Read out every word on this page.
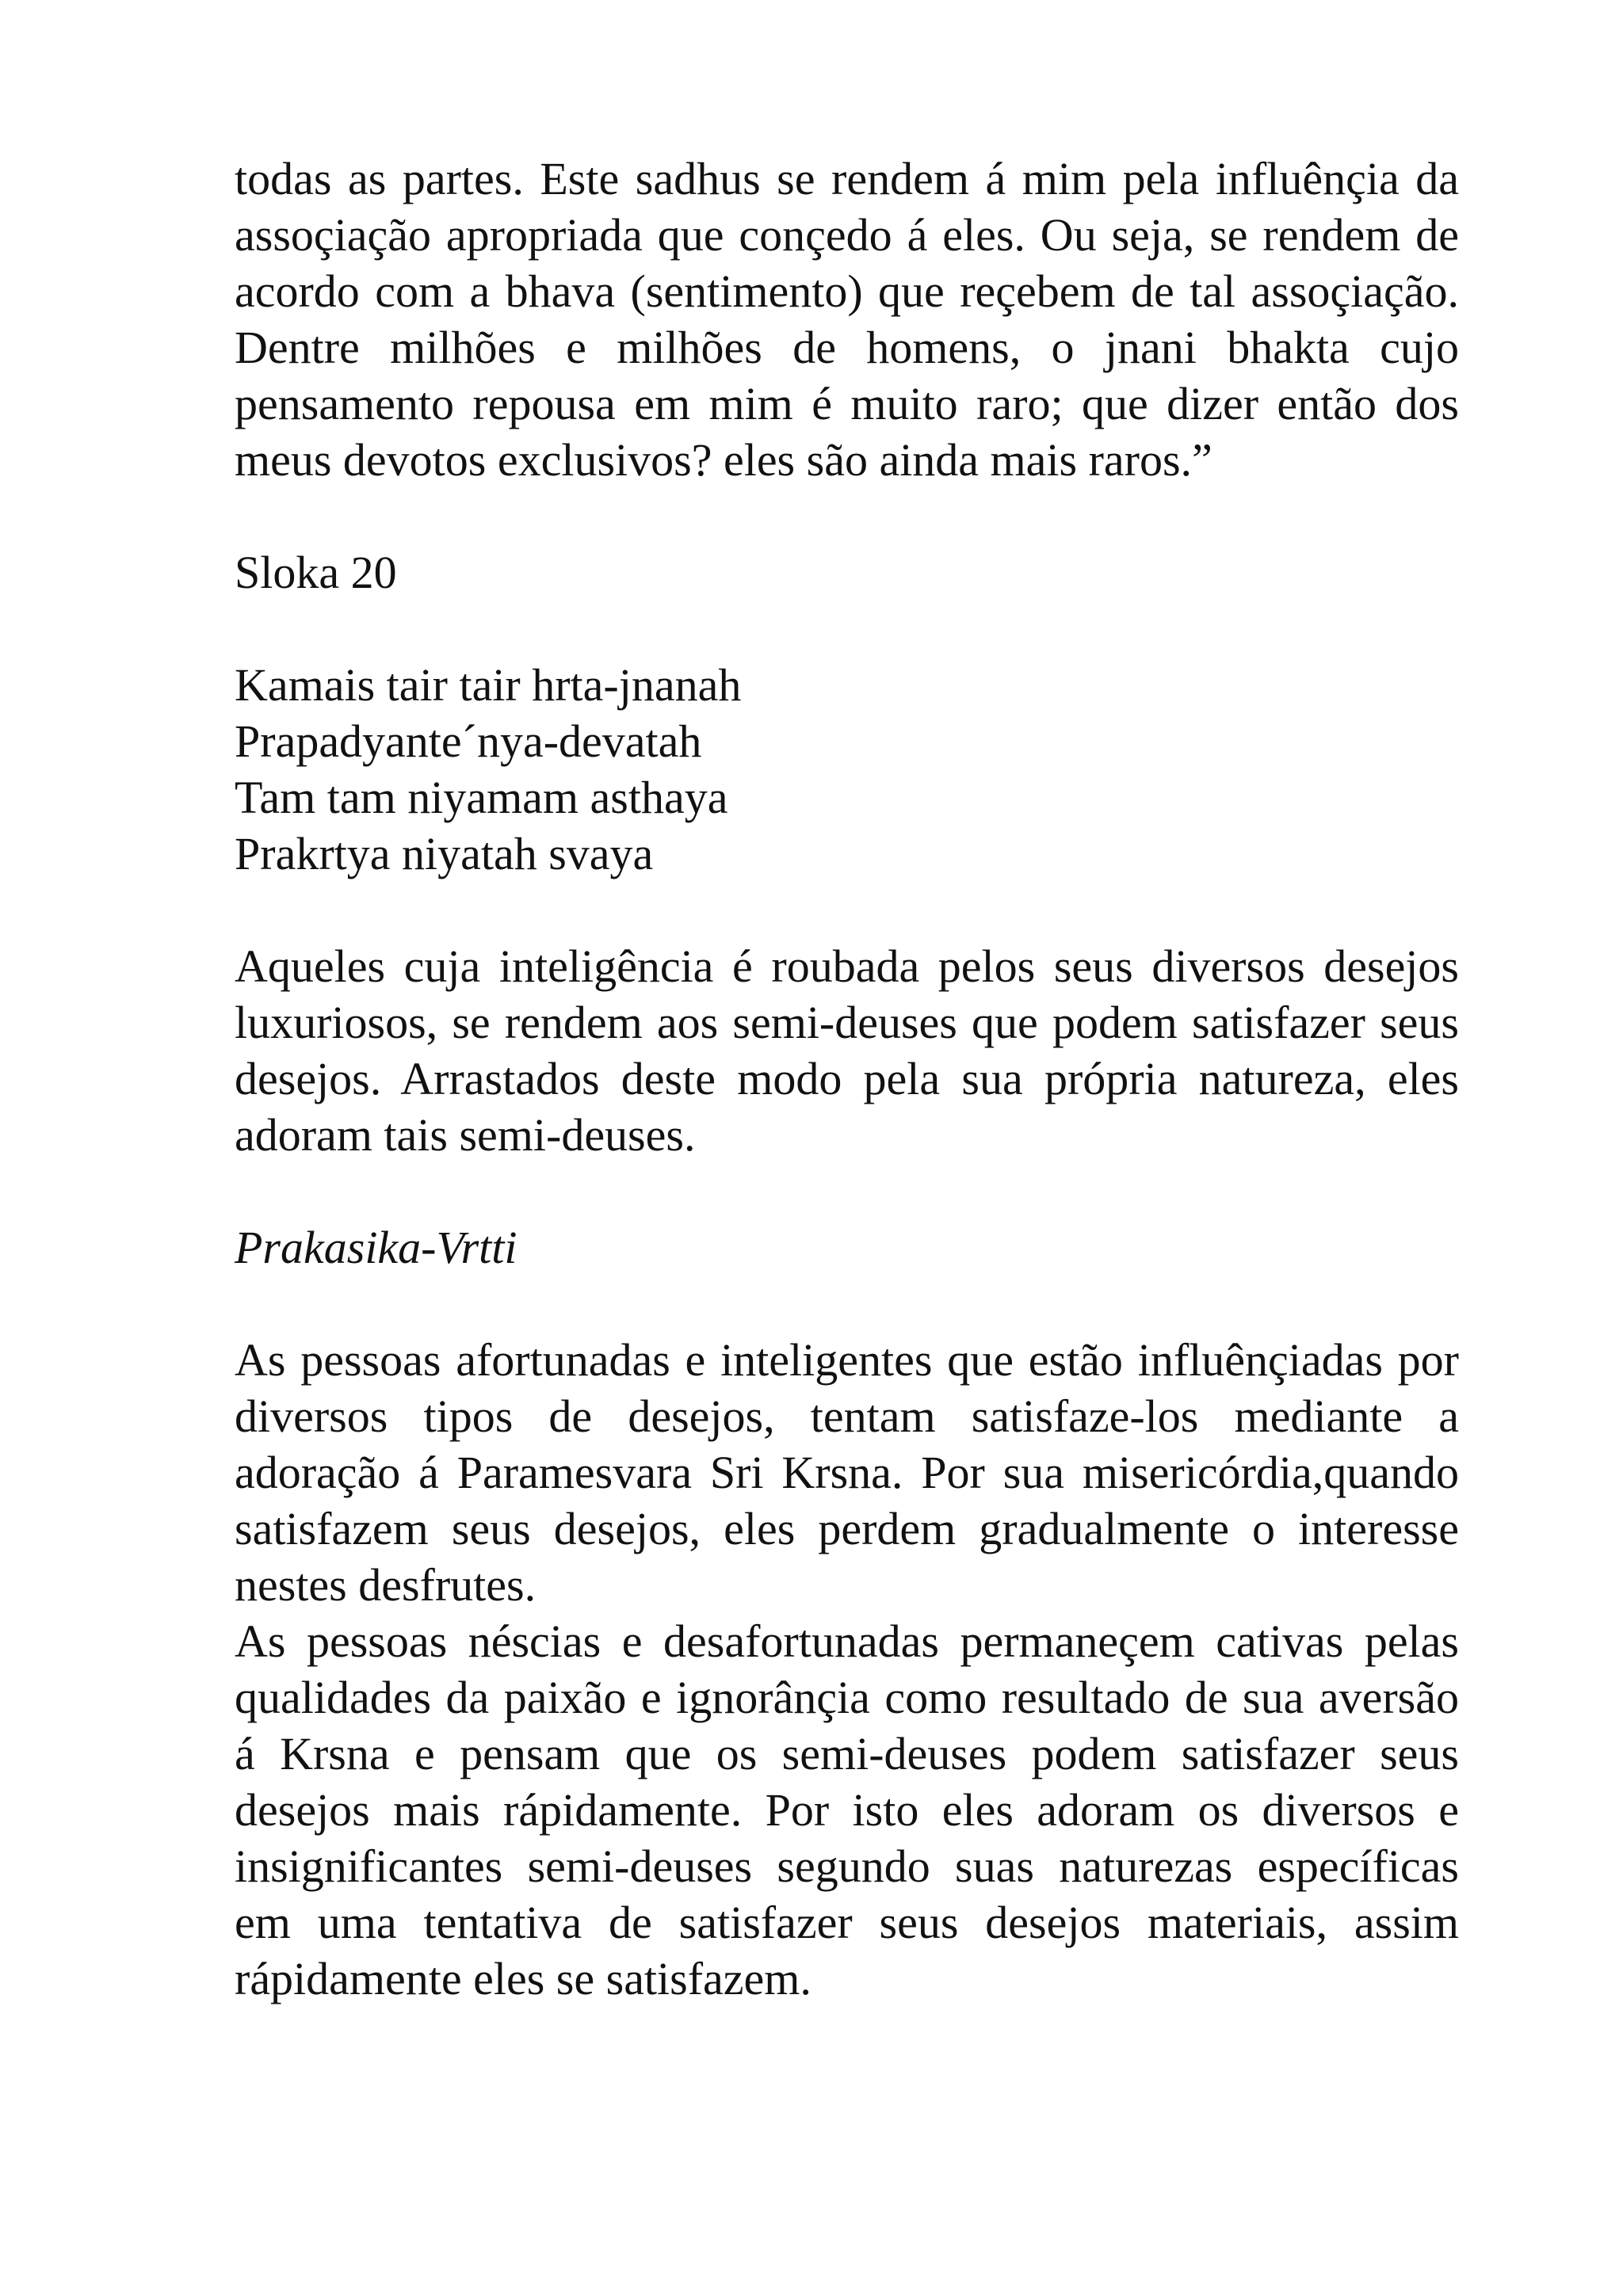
todas as partes. Este sadhus se rendem á mim pela influênçia da assoçiação apropriada que conçedo á eles. Ou seja, se rendem de acordo com a bhava (sentimento) que reçebem de tal assoçiação. Dentre milhões e milhões de homens, o jnani bhakta cujo pensamento repousa em mim é muito raro; que dizer então dos meus devotos exclusivos? eles são ainda mais raros.”

Sloka 20

Kamais tair tair hrta-jnanah

Prapadyante´nya-devatah

Tam tam niyamam asthaya

Prakrtya niyatah svaya

Aqueles cuja inteligência é roubada pelos seus diversos desejos luxuriosos, se rendem aos semi-deuses que podem satisfazer seus desejos. Arrastados deste modo pela sua própria natureza, eles adoram tais semi-deuses.

Prakasika-Vrtti

As pessoas afortunadas e inteligentes que estão influênçiadas por diversos tipos de desejos, tentam satisfaze-los mediante a adoração á Paramesvara Sri Krsna. Por sua misericórdia,quando satisfazem seus desejos, eles perdem gradualmente o interesse nestes desfrutes.

As pessoas néscias e desafortunadas permaneçem cativas pelas qualidades da paixão e ignorânçia como resultado de sua aversão á Krsna e pensam que os semi-deuses podem satisfazer seus desejos mais rápidamente. Por isto eles adoram os diversos e insignificantes semi-deuses segundo suas naturezas específicas em uma tentativa de satisfazer seus desejos materiais, assim rápidamente eles se satisfazem.
